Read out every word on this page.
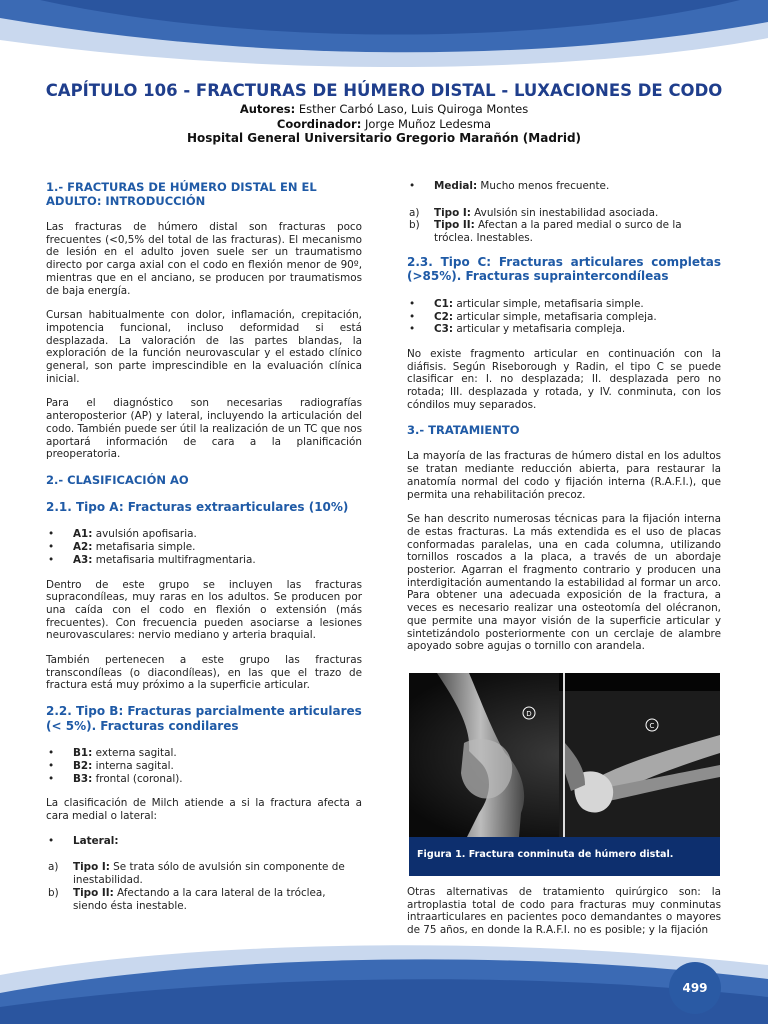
CAPÍTULO 106 - FRACTURAS DE HÚMERO DISTAL - LUXACIONES DE CODO
Autores: Esther Carbó Laso, Luis Quiroga Montes
Coordinador: Jorge Muñoz Ledesma
Hospital General Universitario Gregorio Marañón (Madrid)
1.- FRACTURAS DE HÚMERO DISTAL EN EL ADULTO: INTRODUCCIÓN

Las fracturas de húmero distal son fracturas poco frecuentes (<0,5% del total de las fracturas). El mecanismo de lesión en el adulto joven suele ser un traumatismo directo por carga axial con el codo en flexión menor de 90º, mientras que en el anciano, se producen por traumatismos de baja energía.

Cursan habitualmente con dolor, inflamación, crepitación, impotencia funcional, incluso deformidad si está desplazada. La valoración de las partes blandas, la exploración de la función neurovascular y el estado clínico general, son parte imprescindible en la evaluación clínica inicial.

Para el diagnóstico son necesarias radiografías anteroposterior (AP) y lateral, incluyendo la articulación del codo. También puede ser útil la realización de un TC que nos aportará información de cara a la planificación preoperatoria.

2.- CLASIFICACIÓN AO
2.1. Tipo A: Fracturas extraarticulares (10%)
• A1: avulsión apofisaria.
• A2: metafisaria simple.
• A3: metafisaria multifragmentaria.

Dentro de este grupo se incluyen las fracturas supracondíleas, muy raras en los adultos. Se producen por una caída con el codo en flexión o extensión (más frecuentes). Con frecuencia pueden asociarse a lesiones neurovasculares: nervio mediano y arteria braquial.

También pertenecen a este grupo las fracturas transcondíleas (o diacondíleas), en las que el trazo de fractura está muy próximo a la superficie articular.

2.2. Tipo B: Fracturas parcialmente articulares (< 5%). Fracturas condilares
• B1: externa sagital.
• B2: interna sagital.
• B3: frontal (coronal).

La clasificación de Milch atiende a si la fractura afecta a cara medial o lateral:

• Lateral:
a) Tipo I: Se trata sólo de avulsión sin componente de inestabilidad.
b) Tipo II: Afectando a la cara lateral de la tróclea, siendo ésta inestable.
• Medial: Mucho menos frecuente.
a) Tipo I: Avulsión sin inestabilidad asociada.
b) Tipo II: Afectan a la pared medial o surco de la tróclea. Inestables.
2.3. Tipo C: Fracturas articulares completas (>85%). Fracturas supraintercondíleas
• C1: articular simple, metafisaria simple.
• C2: articular simple, metafisaria compleja.
• C3: articular y metafisaria compleja.

No existe fragmento articular en continuación con la diáfisis. Según Riseborough y Radin, el tipo C se puede clasificar en: I. no desplazada; II. desplazada pero no rotada; III. desplazada y rotada, y IV. conminuta, con los cóndilos muy separados.

3.- TRATAMIENTO

La mayoría de las fracturas de húmero distal en los adultos se tratan mediante reducción abierta, para restaurar la anatomía normal del codo y fijación interna (R.A.F.I.), que permita una rehabilitación precoz.

Se han descrito numerosas técnicas para la fijación interna de estas fracturas. La más extendida es el uso de placas conformadas paralelas, una en cada columna, utilizando tornillos roscados a la placa, a través de un abordaje posterior. Agarran el fragmento contrario y producen una interdigitación aumentando la estabilidad al formar un arco. Para obtener una adecuada exposición de la fractura, a veces es necesario realizar una osteotomía del olécranon, que permite una mayor visión de la superficie articular y sintetizándolo posteriormente con un cerclaje de alambre apoyado sobre agujas o tornillo con arandela.

D
C
Figura 1. Fractura conminuta de húmero distal.

Otras alternativas de tratamiento quirúrgico son: la artroplastia total de codo para fracturas muy conminutas intraarticulares en pacientes poco demandantes o mayores de 75 años, en donde la R.A.F.I. no es posible; y la fijación

499
